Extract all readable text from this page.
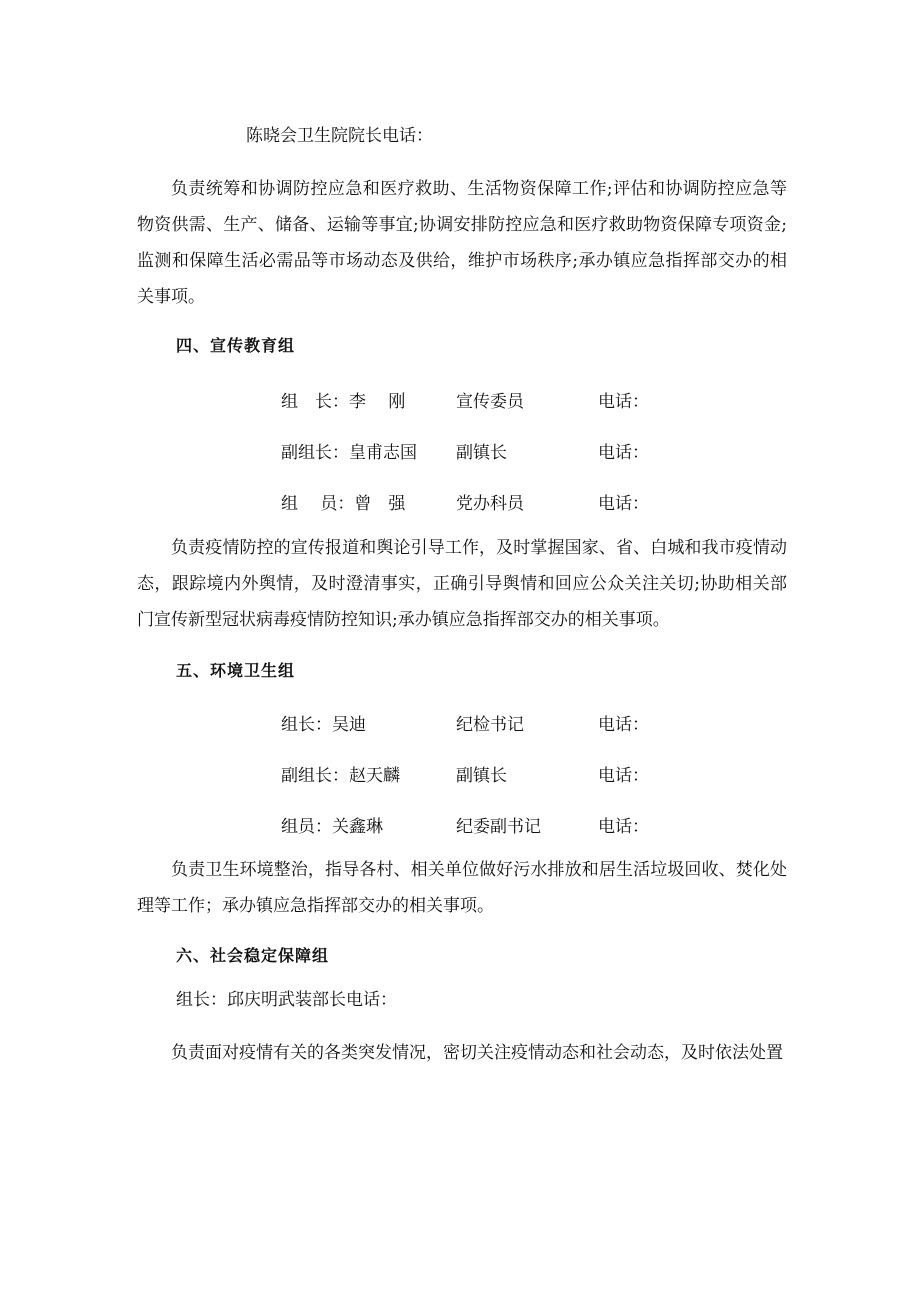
陈晓会卫生院院长电话：
负责统筹和协调防控应急和医疗救助、生活物资保障工作;评估和协调防控应急等物资供需、生产、储备、运输等事宜;协调安排防控应急和医疗救助物资保障专项资金;监测和保障生活必需品等市场动态及供给，维护市场秩序;承办镇应急指挥部交办的相关事项。
四、宣传教育组
组　长：李　 刚	宣传委员	电话：
副组长：皇甫志国 副镇长	电话：
组　 员：曾　强	党办科员	电话：
负责疫情防控的宣传报道和舆论引导工作，及时掌握国家、省、白城和我市疫情动态，跟踪境内外舆情，及时澄清事实，正确引导舆情和回应公众关注关切;协助相关部门宣传新型冠状病毒疫情防控知识;承办镇应急指挥部交办的相关事项。
五、环境卫生组
组长：吴迪	纪检书记	电话：
副组长：赵天麟	副镇长	电话：
组员：关鑫琳	纪委副书记	电话：
负责卫生环境整治，指导各村、相关单位做好污水排放和居生活垃圾回收、焚化处理等工作；承办镇应急指挥部交办的相关事项。
六、社会稳定保障组
组长：邱庆明武装部长电话：
负责面对疫情有关的各类突发情况，密切关注疫情动态和社会动态，及时依法处置
